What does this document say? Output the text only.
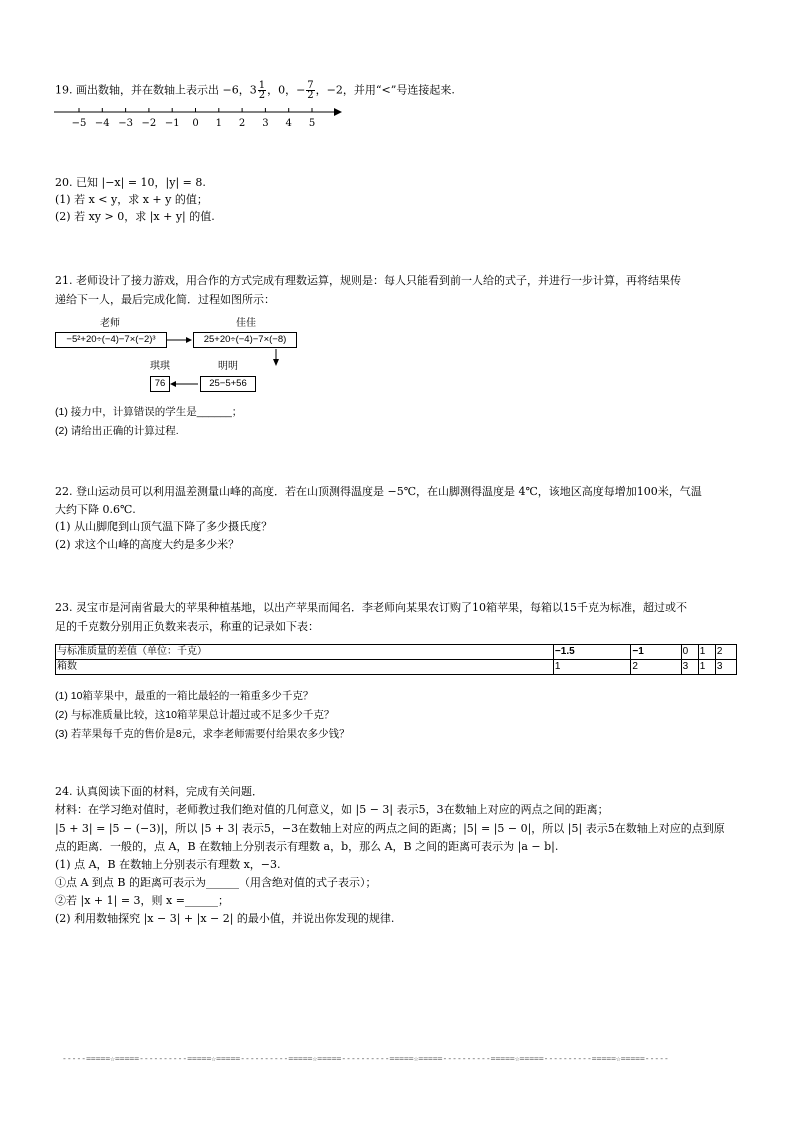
19. 画出数轴，并在数轴上表示出 −6，$3 \frac{1}{2}$ ，0，− $\frac{7}{2}$ ，−2，并用“<”号连接起来.
−5 −4 −3 −2 −1 0 1 2 3 4 5
20. 已知 |−x| = 10，|y| = 8.
(1) 若 x < y，求 x + y 的值；
(2) 若 xy > 0，求 |x + y| 的值.
21. 老师设计了接力游戏，用合作的方式完成有理数运算，规则是：每人只能看到前一人给的式子，并进行一步计算，再将结果传
递给下一人，最后完成化简．过程如图所示：
老师	佳佳
−5²+20÷(−4)−7×(−2)³	25+20÷(−4)−7×(−8)
琪琪	明明
76	25−5+56
(1) 接力中，计算错误的学生是______；
(2) 请给出正确的计算过程.
22. 登山运动员可以利用温差测量山峰的高度．若在山顶测得温度是 −5℃，在山脚测得温度是 4℃，该地区高度每增加100米，气温
大约下降 0.6℃.
(1) 从山脚爬到山顶气温下降了多少摄氏度？
(2) 求这个山峰的高度大约是多少米？
23. 灵宝市是河南省最大的苹果种植基地，以出产苹果而闻名．李老师向某果农订购了10箱苹果，每箱以15千克为标准，超过或不
足的千克数分别用正负数来表示，称重的记录如下表：
与标准质量的差值（单位：千克）	−1.5	−1	0	1	2
箱数	1	2	3	1	3
(1) 10箱苹果中，最重的一箱比最轻的一箱重多少千克？
(2) 与标准质量比较，这10箱苹果总计超过或不足多少千克？
(3) 若苹果每千克的售价是8元，求李老师需要付给果农多少钱？
24. 认真阅读下面的材料，完成有关问题．
材料：在学习绝对值时，老师教过我们绝对值的几何意义，如 |5 − 3| 表示5，3在数轴上对应的两点之间的距离；
|5 + 3| = |5 − (−3)|，所以 |5 + 3| 表示5，−3在数轴上对应的两点之间的距离；|5| = |5 − 0|，所以 |5| 表示5在数轴上对应的点到原
点的距离．一般的，点 A，B 在数轴上分别表示有理数 a，b，那么 A，B 之间的距离可表示为 |a − b|.
(1) 点 A，B 在数轴上分别表示有理数 x，−3.
①点 A 到点 B 的距离可表示为______（用含绝对值的式子表示）；
②若 |x + 1| = 3，则 x =______；
(2) 利用数轴探究 |x − 3| + |x − 2| 的最小值，并说出你发现的规律.
-----=====☆=====----------=====☆=====----------=====☆=====----------=====☆=====----------=====☆=====----------=====☆=====-----
